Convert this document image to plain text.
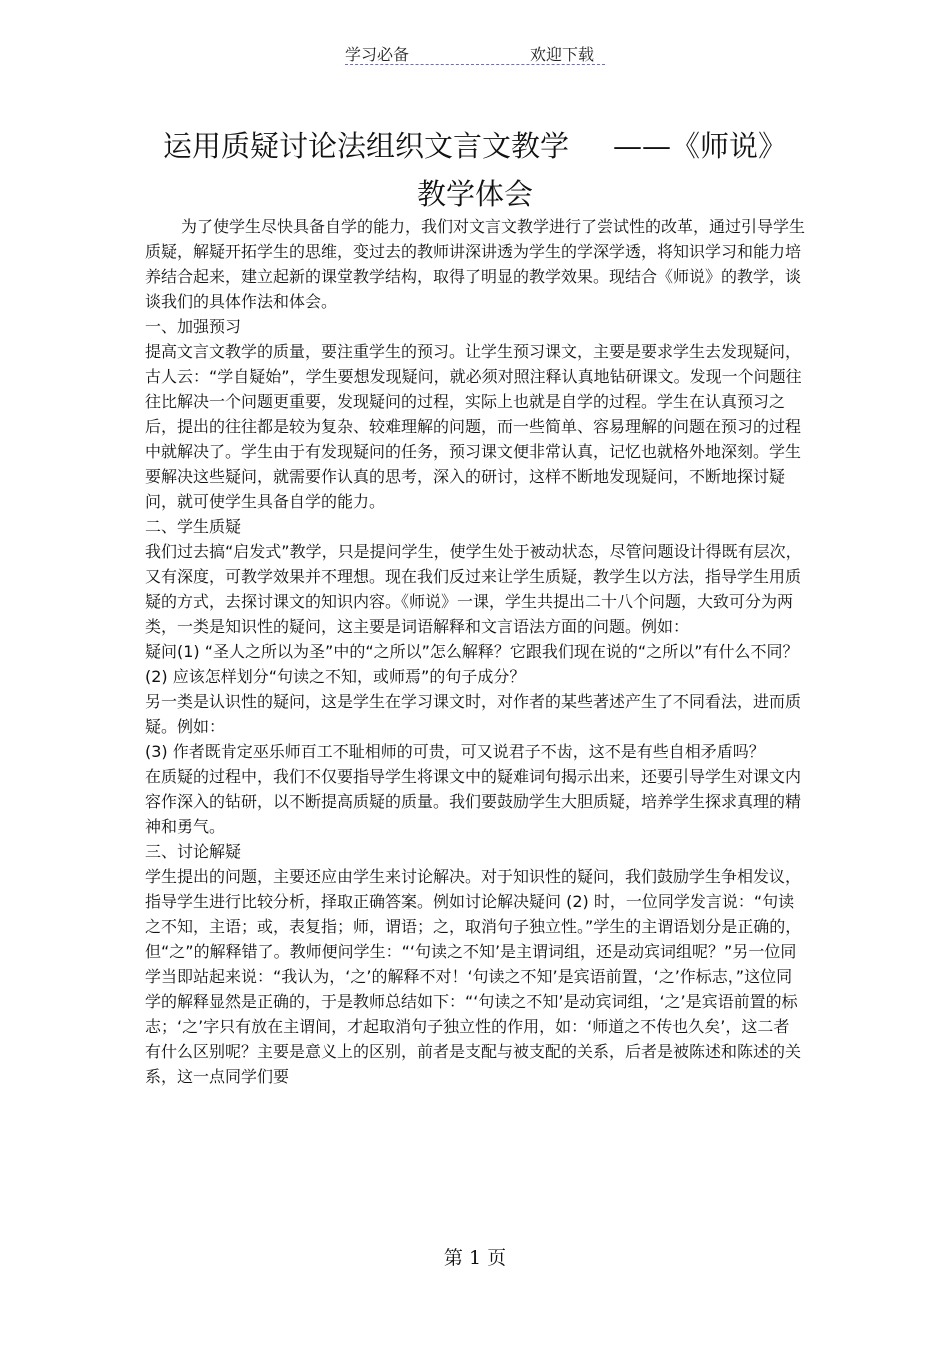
学习必备	欢迎下载
运用质疑讨论法组织文言文教学 ——《师说》
教学体会

为了使学生尽快具备自学的能力，我们对文言文教学进行了尝试性的改革，通过引导学生质疑，解疑开拓学生的思维，变过去的教师讲深讲透为学生的学深学透，将知识学习和能力培养结合起来，建立起新的课堂教学结构，取得了明显的教学效果。现结合《师说》的教学，谈谈我们的具体作法和体会。

一、加强预习

提高文言文教学的质量，要注重学生的预习。让学生预习课文，主要是要求学生去发现疑问，古人云：“学自疑始”，学生要想发现疑问，就必须对照注释认真地钻研课文。发现一个问题往往比解决一个问题更重要，发现疑问的过程，实际上也就是自学的过程。学生在认真预习之后，提出的往往都是较为复杂、较难理解的问题，而一些简单、容易理解的问题在预习的过程中就解决了。学生由于有发现疑问的任务，预习课文便非常认真，记忆也就格外地深刻。学生要解决这些疑问，就需要作认真的思考，深入的研讨，这样不断地发现疑问，不断地探讨疑问，就可使学生具备自学的能力。

二、学生质疑

我们过去搞“启发式”教学，只是提问学生，使学生处于被动状态，尽管问题设计得既有层次，又有深度，可教学效果并不理想。现在我们反过来让学生质疑，教学生以方法，指导学生用质疑的方式，去探讨课文的知识内容。《师说》一课，学生共提出二十八个问题，大致可分为两类，一类是知识性的疑问，这主要是词语解释和文言语法方面的问题。例如：

疑问(1) “圣人之所以为圣”中的“之所以”怎么解释？它跟我们现在说的“之所以”有什么不同？

(2) 应该怎样划分“句读之不知，或师焉”的句子成分？

另一类是认识性的疑问，这是学生在学习课文时，对作者的某些著述产生了不同看法，进而质疑。例如：

(3) 作者既肯定巫乐师百工不耻相师的可贵，可又说君子不齿，这不是有些自相矛盾吗？

在质疑的过程中，我们不仅要指导学生将课文中的疑难词句揭示出来，还要引导学生对课文内容作深入的钻研，以不断提高质疑的质量。我们要鼓励学生大胆质疑，培养学生探求真理的精神和勇气。

三、讨论解疑

学生提出的问题，主要还应由学生来讨论解决。对于知识性的疑问，我们鼓励学生争相发议，指导学生进行比较分析，择取正确答案。例如讨论解决疑问 (2) 时，一位同学发言说：“句读之不知，主语；或，表复指；师，谓语；之，取消句子独立性。”学生的主谓语划分是正确的，但“之”的解释错了。教师便问学生：“‘句读之不知’是主谓词组，还是动宾词组呢？”另一位同学当即站起来说：“我认为，‘之’的解释不对！‘句读之不知’是宾语前置，‘之’作标志，”这位同学的解释显然是正确的，于是教师总结如下：“‘句读之不知’是动宾词组，‘之’是宾语前置的标志；‘之’字只有放在主谓间，才起取消句子独立性的作用，如：‘师道之不传也久矣’，这二者有什么区别呢？主要是意义上的区别，前者是支配与被支配的关系，后者是被陈述和陈述的关系，这一点同学们要

第 1 页
